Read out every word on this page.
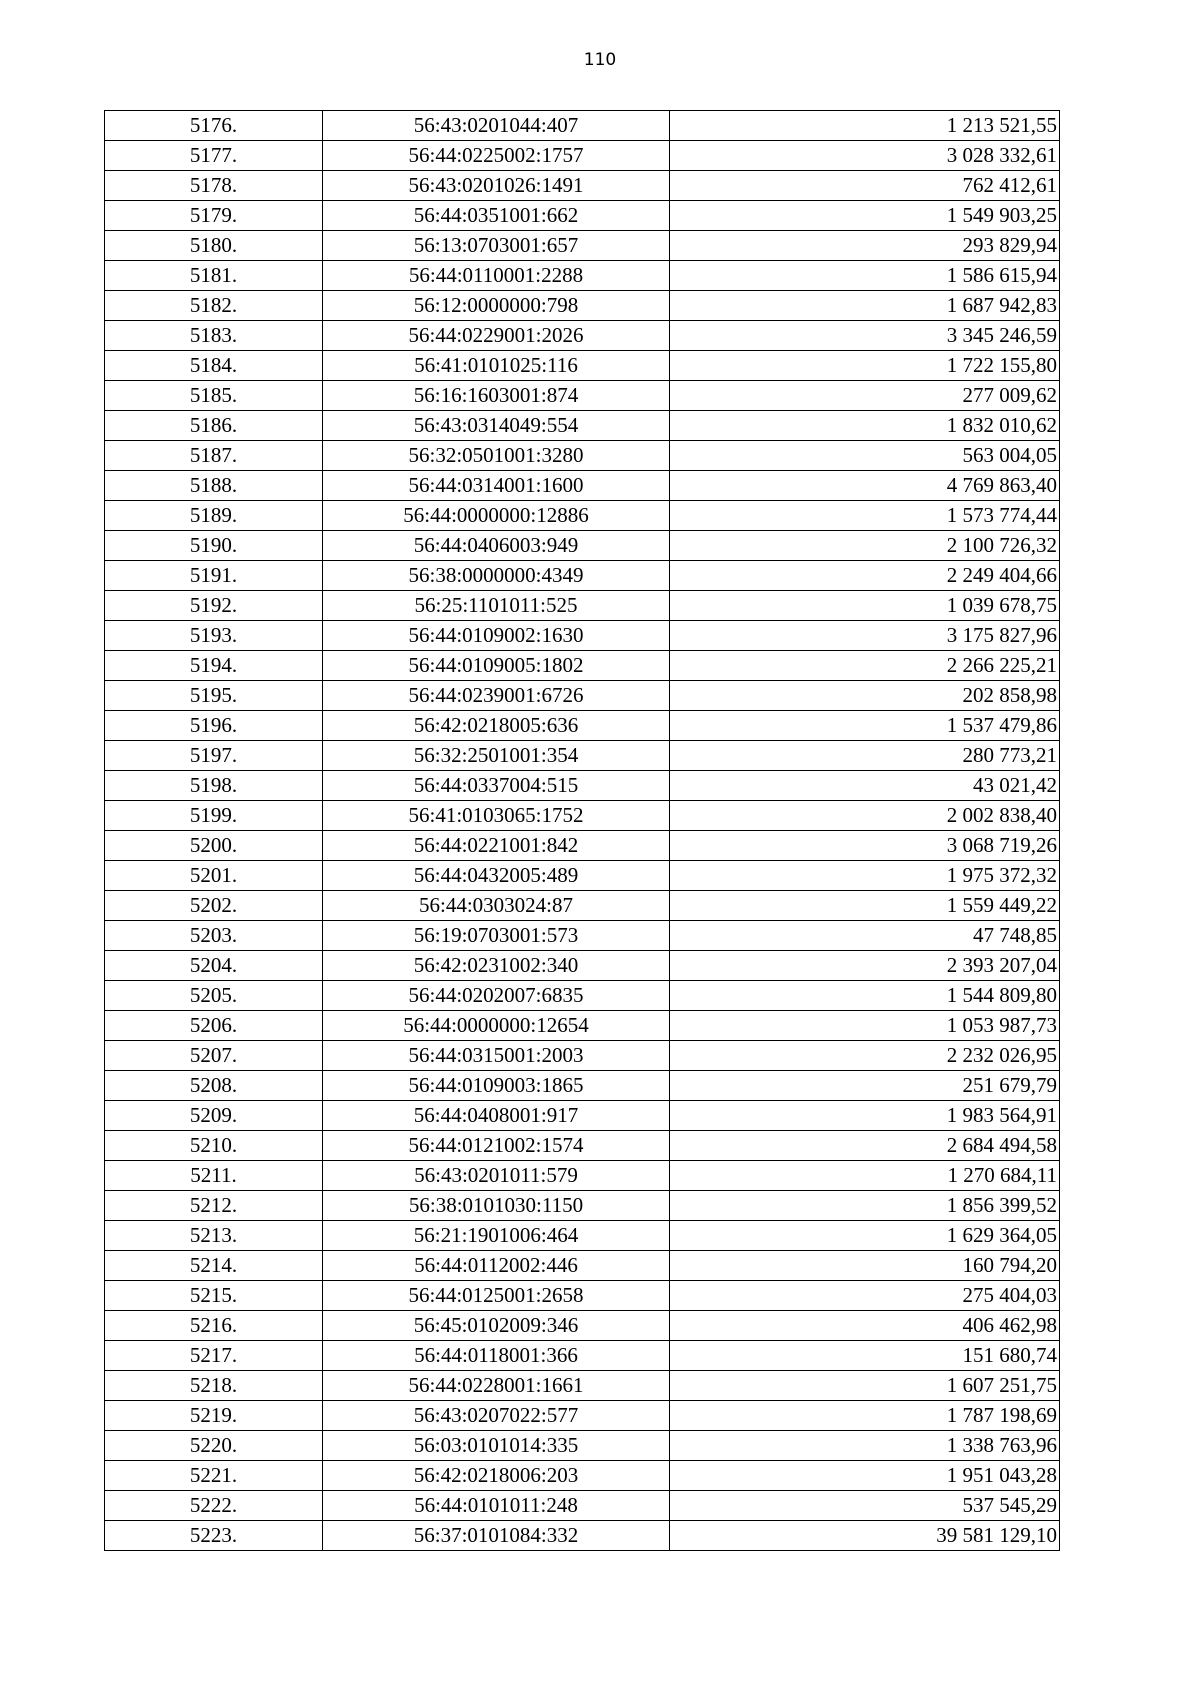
110
5176.	56:43:0201044:407	1 213 521,55
5177.	56:44:0225002:1757	3 028 332,61
5178.	56:43:0201026:1491	762 412,61
5179.	56:44:0351001:662	1 549 903,25
5180.	56:13:0703001:657	293 829,94
5181.	56:44:0110001:2288	1 586 615,94
5182.	56:12:0000000:798	1 687 942,83
5183.	56:44:0229001:2026	3 345 246,59
5184.	56:41:0101025:116	1 722 155,80
5185.	56:16:1603001:874	277 009,62
5186.	56:43:0314049:554	1 832 010,62
5187.	56:32:0501001:3280	563 004,05
5188.	56:44:0314001:1600	4 769 863,40
5189.	56:44:0000000:12886	1 573 774,44
5190.	56:44:0406003:949	2 100 726,32
5191.	56:38:0000000:4349	2 249 404,66
5192.	56:25:1101011:525	1 039 678,75
5193.	56:44:0109002:1630	3 175 827,96
5194.	56:44:0109005:1802	2 266 225,21
5195.	56:44:0239001:6726	202 858,98
5196.	56:42:0218005:636	1 537 479,86
5197.	56:32:2501001:354	280 773,21
5198.	56:44:0337004:515	43 021,42
5199.	56:41:0103065:1752	2 002 838,40
5200.	56:44:0221001:842	3 068 719,26
5201.	56:44:0432005:489	1 975 372,32
5202.	56:44:0303024:87	1 559 449,22
5203.	56:19:0703001:573	47 748,85
5204.	56:42:0231002:340	2 393 207,04
5205.	56:44:0202007:6835	1 544 809,80
5206.	56:44:0000000:12654	1 053 987,73
5207.	56:44:0315001:2003	2 232 026,95
5208.	56:44:0109003:1865	251 679,79
5209.	56:44:0408001:917	1 983 564,91
5210.	56:44:0121002:1574	2 684 494,58
5211.	56:43:0201011:579	1 270 684,11
5212.	56:38:0101030:1150	1 856 399,52
5213.	56:21:1901006:464	1 629 364,05
5214.	56:44:0112002:446	160 794,20
5215.	56:44:0125001:2658	275 404,03
5216.	56:45:0102009:346	406 462,98
5217.	56:44:0118001:366	151 680,74
5218.	56:44:0228001:1661	1 607 251,75
5219.	56:43:0207022:577	1 787 198,69
5220.	56:03:0101014:335	1 338 763,96
5221.	56:42:0218006:203	1 951 043,28
5222.	56:44:0101011:248	537 545,29
5223.	56:37:0101084:332	39 581 129,10
